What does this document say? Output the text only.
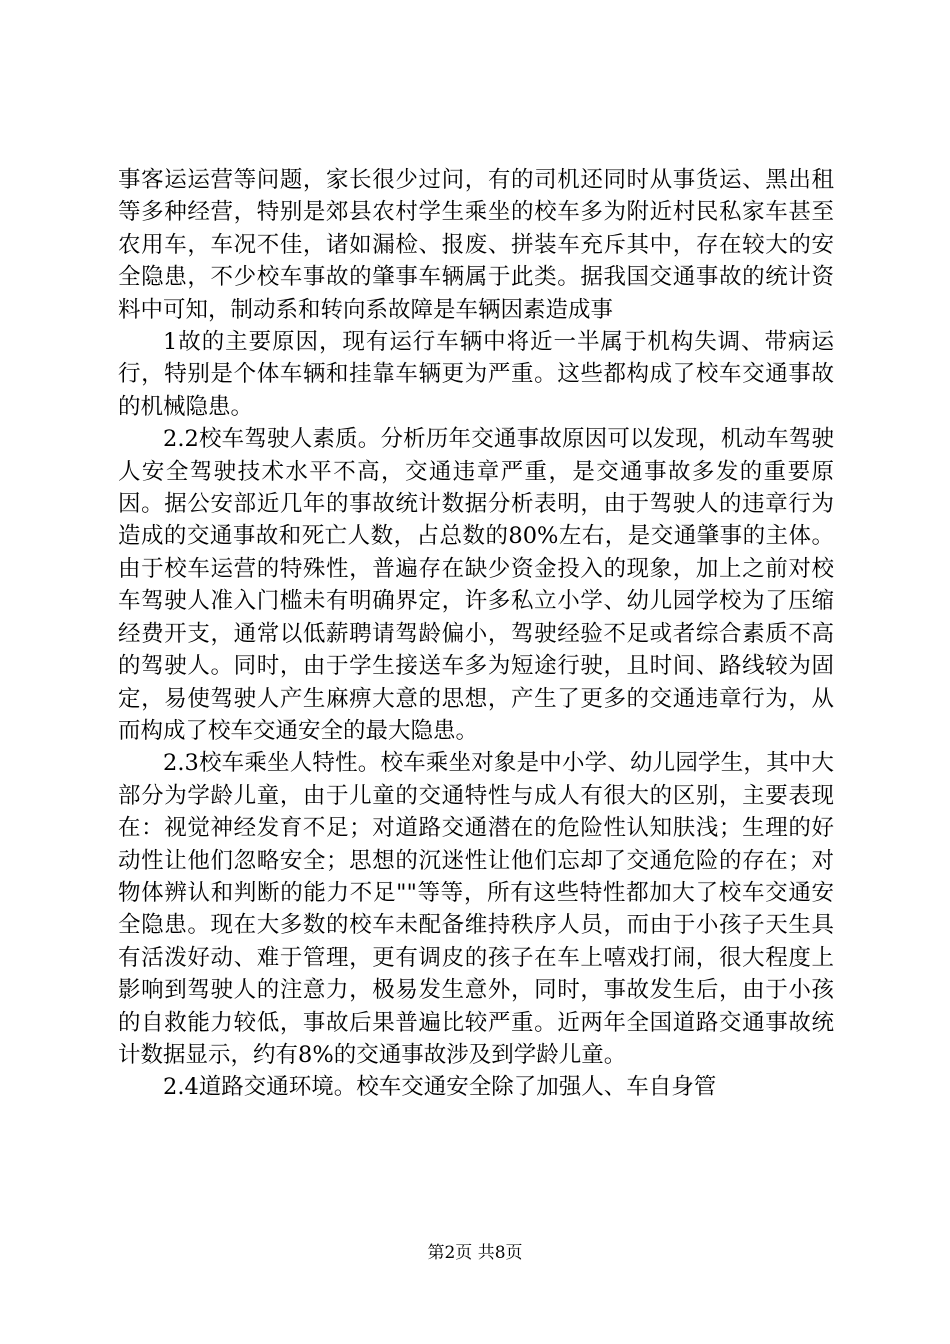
事客运运营等问题，家长很少过问，有的司机还同时从事货运、黑出租等多种经营，特别是郊县农村学生乘坐的校车多为附近村民私家车甚至农用车，车况不佳，诸如漏检、报废、拼装车充斥其中，存在较大的安全隐患，不少校车事故的肇事车辆属于此类。据我国交通事故的统计资料中可知，制动系和转向系故障是车辆因素造成事

1故的主要原因，现有运行车辆中将近一半属于机构失调、带病运行，特别是个体车辆和挂靠车辆更为严重。这些都构成了校车交通事故的机械隐患。

2.2校车驾驶人素质。分析历年交通事故原因可以发现，机动车驾驶人安全驾驶技术水平不高，交通违章严重，是交通事故多发的重要原因。据公安部近几年的事故统计数据分析表明，由于驾驶人的违章行为造成的交通事故和死亡人数，占总数的80%左右，是交通肇事的主体。由于校车运营的特殊性，普遍存在缺少资金投入的现象，加上之前对校车驾驶人准入门槛未有明确界定，许多私立小学、幼儿园学校为了压缩经费开支，通常以低薪聘请驾龄偏小，驾驶经验不足或者综合素质不高的驾驶人。同时，由于学生接送车多为短途行驶，且时间、路线较为固定，易使驾驶人产生麻痹大意的思想，产生了更多的交通违章行为，从而构成了校车交通安全的最大隐患。

2.3校车乘坐人特性。校车乘坐对象是中小学、幼儿园学生，其中大部分为学龄儿童，由于儿童的交通特性与成人有很大的区别，主要表现在：视觉神经发育不足；对道路交通潜在的危险性认知肤浅；生理的好动性让他们忽略安全；思想的沉迷性让他们忘却了交通危险的存在；对物体辨认和判断的能力不足""等等，所有这些特性都加大了校车交通安全隐患。现在大多数的校车未配备维持秩序人员，而由于小孩子天生具有活泼好动、难于管理，更有调皮的孩子在车上嘻戏打闹，很大程度上影响到驾驶人的注意力，极易发生意外，同时，事故发生后，由于小孩的自救能力较低，事故后果普遍比较严重。近两年全国道路交通事故统计数据显示，约有8%的交通事故涉及到学龄儿童。

2.4道路交通环境。校车交通安全除了加强人、车自身管

第2页 共8页
